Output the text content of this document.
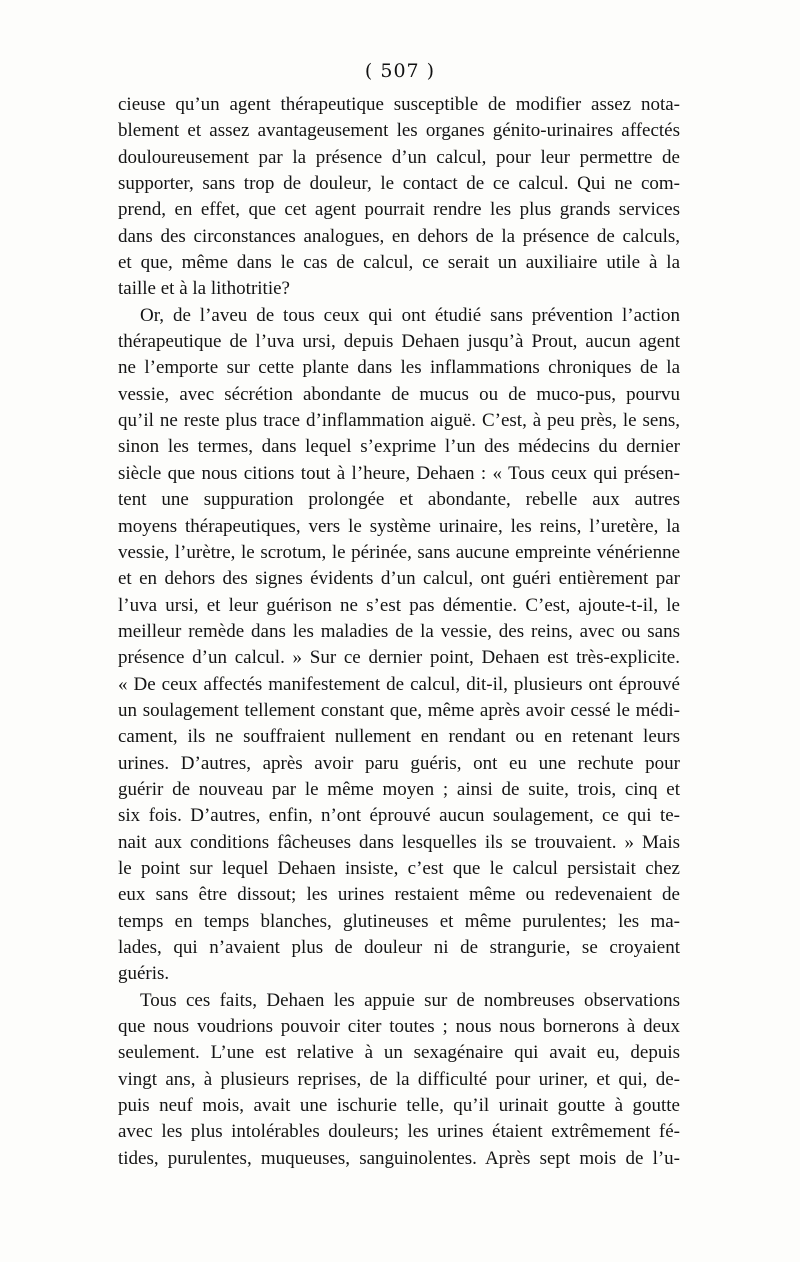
( 507 )
cieuse qu’un agent thérapeutique susceptible de modifier assez nota-
blement et assez avantageusement les organes génito-urinaires affectés
douloureusement par la présence d’un calcul, pour leur permettre de
supporter, sans trop de douleur, le contact de ce calcul. Qui ne com-
prend, en effet, que cet agent pourrait rendre les plus grands services
dans des circonstances analogues, en dehors de la présence de calculs,
et que, même dans le cas de calcul, ce serait un auxiliaire utile à la
taille et à la lithotritie?
Or, de l’aveu de tous ceux qui ont étudié sans prévention l’action
thérapeutique de l’uva ursi, depuis Dehaen jusqu’à Prout, aucun agent
ne l’emporte sur cette plante dans les inflammations chroniques de la
vessie, avec sécrétion abondante de mucus ou de muco-pus, pourvu
qu’il ne reste plus trace d’inflammation aiguë. C’est, à peu près, le sens,
sinon les termes, dans lequel s’exprime l’un des médecins du dernier
siècle que nous citions tout à l’heure, Dehaen : « Tous ceux qui présen-
tent une suppuration prolongée et abondante, rebelle aux autres
moyens thérapeutiques, vers le système urinaire, les reins, l’uretère, la
vessie, l’urètre, le scrotum, le périnée, sans aucune empreinte vénérienne
et en dehors des signes évidents d’un calcul, ont guéri entièrement par
l’uva ursi, et leur guérison ne s’est pas démentie. C’est, ajoute-t-il, le
meilleur remède dans les maladies de la vessie, des reins, avec ou sans
présence d’un calcul. » Sur ce dernier point, Dehaen est très-explicite.
« De ceux affectés manifestement de calcul, dit-il, plusieurs ont éprouvé
un soulagement tellement constant que, même après avoir cessé le médi-
cament, ils ne souffraient nullement en rendant ou en retenant leurs
urines. D’autres, après avoir paru guéris, ont eu une rechute pour
guérir de nouveau par le même moyen ; ainsi de suite, trois, cinq et
six fois. D’autres, enfin, n’ont éprouvé aucun soulagement, ce qui te-
nait aux conditions fâcheuses dans lesquelles ils se trouvaient. » Mais
le point sur lequel Dehaen insiste, c’est que le calcul persistait chez
eux sans être dissout; les urines restaient même ou redevenaient de
temps en temps blanches, glutineuses et même purulentes; les ma-
lades, qui n’avaient plus de douleur ni de strangurie, se croyaient
guéris.
Tous ces faits, Dehaen les appuie sur de nombreuses observations
que nous voudrions pouvoir citer toutes ; nous nous bornerons à deux
seulement. L’une est relative à un sexagénaire qui avait eu, depuis
vingt ans, à plusieurs reprises, de la difficulté pour uriner, et qui, de-
puis neuf mois, avait une ischurie telle, qu’il urinait goutte à goutte
avec les plus intolérables douleurs; les urines étaient extrêmement fé-
tides, purulentes, muqueuses, sanguinolentes. Après sept mois de l’u-
